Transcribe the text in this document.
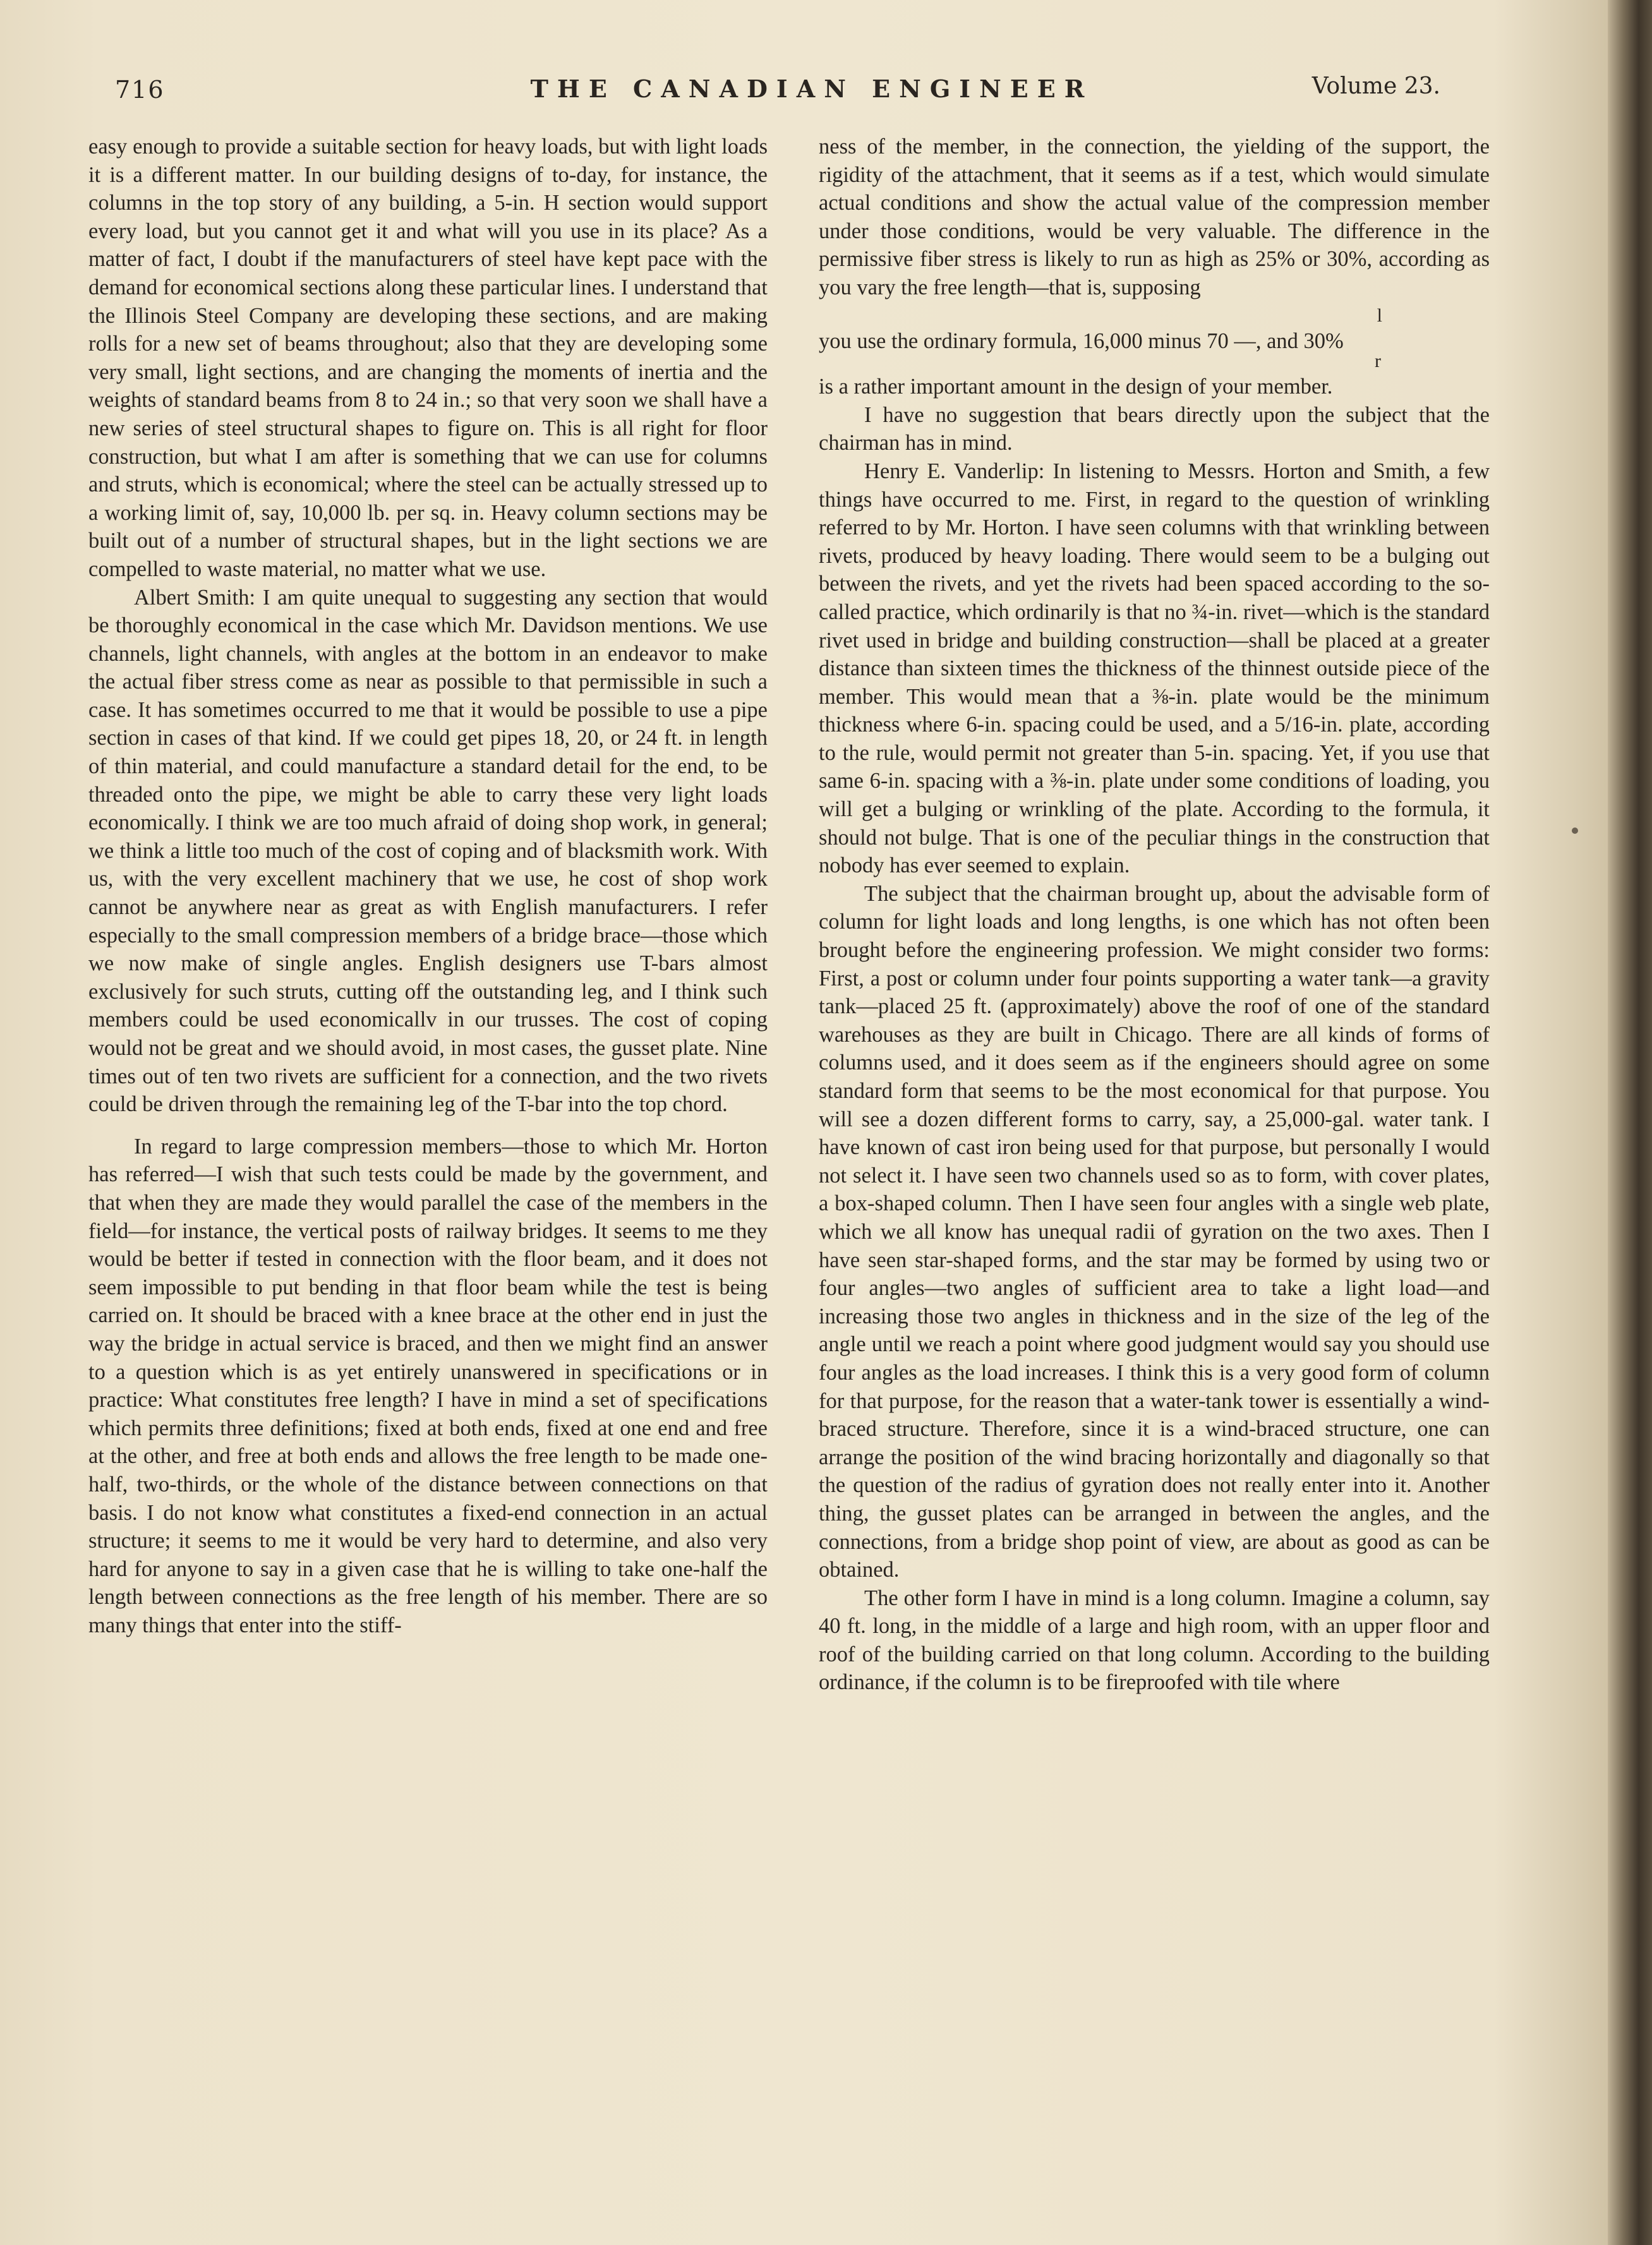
716	THE CANADIAN ENGINEER	Volume 23.

easy enough to provide a suitable section for heavy loads, but with light loads it is a different matter. In our building designs of to-day, for instance, the columns in the top story of any building, a 5-in. H section would support every load, but you cannot get it and what will you use in its place? As a matter of fact, I doubt if the manufacturers of steel have kept pace with the demand for economical sections along these particular lines. I understand that the Illinois Steel Company are developing these sections, and are making rolls for a new set of beams throughout; also that they are developing some very small, light sections, and are changing the moments of inertia and the weights of standard beams from 8 to 24 in.; so that very soon we shall have a new series of steel structural shapes to figure on. This is all right for floor construction, but what I am after is something that we can use for columns and struts, which is economical; where the steel can be actually stressed up to a working limit of, say, 10,000 lb. per sq. in. Heavy column sections may be built out of a number of structural shapes, but in the light sections we are compelled to waste material, no matter what we use.

Albert Smith: I am quite unequal to suggesting any section that would be thoroughly economical in the case which Mr. Davidson mentions. We use channels, light channels, with angles at the bottom in an endeavor to make the actual fiber stress come as near as possible to that permissible in such a case. It has sometimes occurred to me that it would be possible to use a pipe section in cases of that kind. If we could get pipes 18, 20, or 24 ft. in length of thin material, and could manufacture a standard detail for the end, to be threaded onto the pipe, we might be able to carry these very light loads economically. I think we are too much afraid of doing shop work, in general; we think a little too much of the cost of coping and of blacksmith work. With us, with the very excellent machinery that we use, he cost of shop work cannot be anywhere near as great as with English manufacturers. I refer especially to the small compression members of a bridge brace—those which we now make of single angles. English designers use T-bars almost exclusively for such struts, cutting off the outstanding leg, and I think such members could be used economicallv in our trusses. The cost of coping would not be great and we should avoid, in most cases, the gusset plate. Nine times out of ten two rivets are sufficient for a connection, and the two rivets could be driven through the remaining leg of the T-bar into the top chord.

In regard to large compression members—those to which Mr. Horton has referred—I wish that such tests could be made by the government, and that when they are made they would parallel the case of the members in the field—for instance, the vertical posts of railway bridges. It seems to me they would be better if tested in connection with the floor beam, and it does not seem impossible to put bending in that floor beam while the test is being carried on. It should be braced with a knee brace at the other end in just the way the bridge in actual service is braced, and then we might find an answer to a question which is as yet entirely unanswered in specifications or in practice: What constitutes free length? I have in mind a set of specifications which permits three definitions; fixed at both ends, fixed at one end and free at the other, and free at both ends and allows the free length to be made one-half, two-thirds, or the whole of the distance between connections on that basis. I do not know what constitutes a fixed-end connection in an actual structure; it seems to me it would be very hard to determine, and also very hard for anyone to say in a given case that he is willing to take one-half the length between connections as the free length of his member. There are so many things that enter into the stiff-

ness of the member, in the connection, the yielding of the support, the rigidity of the attachment, that it seems as if a test, which would simulate actual conditions and show the actual value of the compression member under those conditions, would be very valuable. The difference in the permissive fiber stress is likely to run as high as 25% or 30%, according as you vary the free length—that is, supposing

l

you use the ordinary formula, 16,000 minus 70 —, and 30%

r

is a rather important amount in the design of your member.

I have no suggestion that bears directly upon the subject that the chairman has in mind.

Henry E. Vanderlip: In listening to Messrs. Horton and Smith, a few things have occurred to me. First, in regard to the question of wrinkling referred to by Mr. Horton. I have seen columns with that wrinkling between rivets, produced by heavy loading. There would seem to be a bulging out between the rivets, and yet the rivets had been spaced according to the so-called practice, which ordinarily is that no ¾-in. rivet—which is the standard rivet used in bridge and building construction—shall be placed at a greater distance than sixteen times the thickness of the thinnest outside piece of the member. This would mean that a ⅜-in. plate would be the minimum thickness where 6-in. spacing could be used, and a 5/16-in. plate, according to the rule, would permit not greater than 5-in. spacing. Yet, if you use that same 6-in. spacing with a ⅜-in. plate under some conditions of loading, you will get a bulging or wrinkling of the plate. According to the formula, it should not bulge. That is one of the peculiar things in the construction that nobody has ever seemed to explain.

The subject that the chairman brought up, about the advisable form of column for light loads and long lengths, is one which has not often been brought before the engineering profession. We might consider two forms: First, a post or column under four points supporting a water tank—a gravity tank—placed 25 ft. (approximately) above the roof of one of the standard warehouses as they are built in Chicago. There are all kinds of forms of columns used, and it does seem as if the engineers should agree on some standard form that seems to be the most economical for that purpose. You will see a dozen different forms to carry, say, a 25,000-gal. water tank. I have known of cast iron being used for that purpose, but personally I would not select it. I have seen two channels used so as to form, with cover plates, a box-shaped column. Then I have seen four angles with a single web plate, which we all know has unequal radii of gyration on the two axes. Then I have seen star-shaped forms, and the star may be formed by using two or four angles—two angles of sufficient area to take a light load—and increasing those two angles in thickness and in the size of the leg of the angle until we reach a point where good judgment would say you should use four angles as the load increases. I think this is a very good form of column for that purpose, for the reason that a water-tank tower is essentially a wind-braced structure. Therefore, since it is a wind-braced structure, one can arrange the position of the wind bracing horizontally and diagonally so that the question of the radius of gyration does not really enter into it. Another thing, the gusset plates can be arranged in between the angles, and the connections, from a bridge shop point of view, are about as good as can be obtained.

The other form I have in mind is a long column. Imagine a column, say 40 ft. long, in the middle of a large and high room, with an upper floor and roof of the building carried on that long column. According to the building ordinance, if the column is to be fireproofed with tile where
